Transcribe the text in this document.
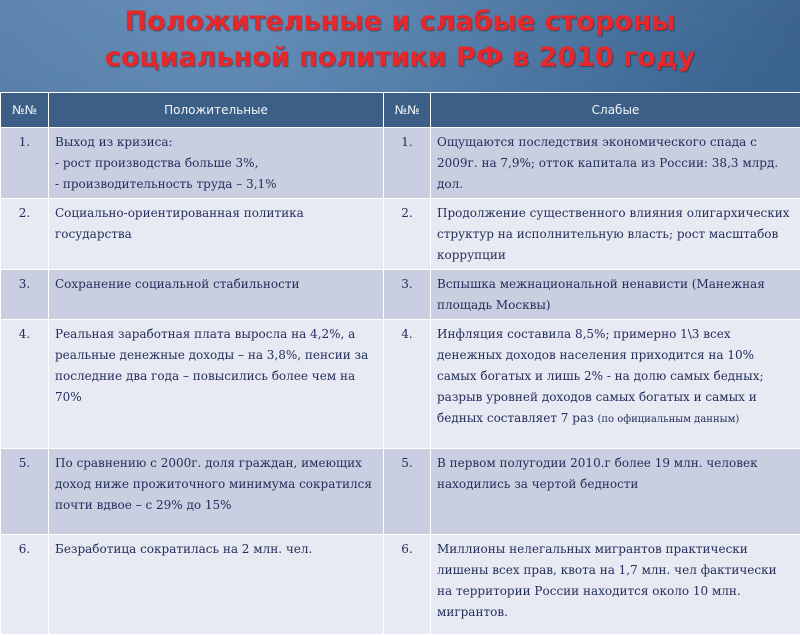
Положительные и слабые стороны
социальной политики РФ в 2010 году
№№	Положительные	№№	Слабые
1.	Выход из кризиса:
- рост производства больше 3%,
- производительность труда – 3,1%	1.	Ощущаются последствия экономического спада с 2009г. на 7,9%; отток капитала из России: 38,3 млрд. дол.
2.	Социально-ориентированная политика государства	2.	Продолжение существенного влияния олигархических структур на исполнительную власть; рост масштабов коррупции
3.	Сохранение социальной стабильности	3.	Вспышка межнациональной ненависти (Манежная площадь Москвы)
4.	Реальная заработная плата выросла на 4,2%, а реальные денежные доходы – на 3,8%, пенсии за последние два года – повысились более чем на 70%	4.	Инфляция составила 8,5%; примерно 1\3 всех денежных доходов населения приходится на 10% самых богатых и лишь 2% - на долю самых бедных; разрыв уровней доходов самых богатых и самых и бедных составляет 7 раз (по официальным данным)
5.	По сравнению с 2000г. доля граждан, имеющих доход ниже прожиточного минимума сократился почти вдвое – с 29% до 15%	5.	В первом полугодии 2010.г более 19 млн. человек находились за чертой бедности
6.	Безработица сократилась на 2 млн. чел.	6.	Миллионы нелегальных мигрантов практически лишены всех прав, квота на 1,7 млн. чел фактически на территории России находится около 10 млн. мигрантов.
